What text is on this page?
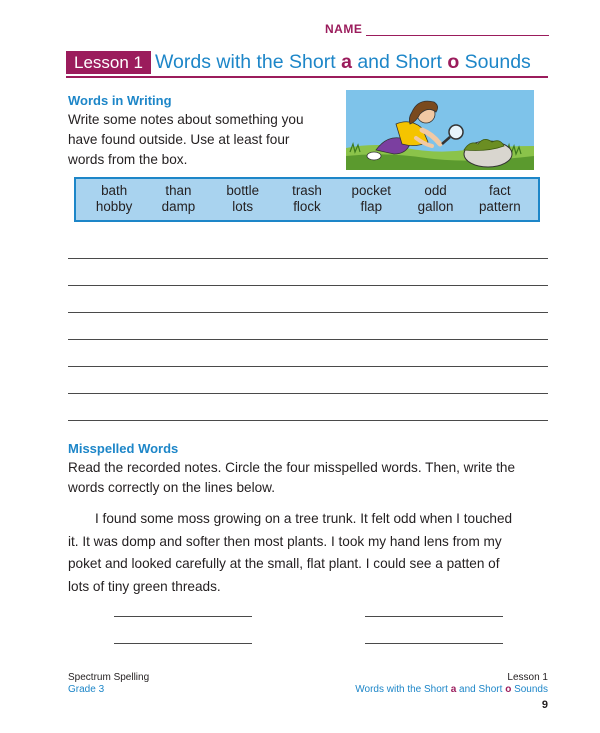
NAME
Lesson 1 Words with the Short a and Short o Sounds
Words in Writing
Write some notes about something you
have found outside. Use at least four
words from the box.
bath	than	bottle	trash	pocket	odd	fact
hobby	damp	lots	flock	flap	gallon	pattern
Misspelled Words
Read the recorded notes. Circle the four misspelled words. Then, write the
words correctly on the lines below.
I found some moss growing on a tree trunk. It felt odd when I touched
it. It was domp and softer then most plants. I took my hand lens from my
poket and looked carefully at the small, flat plant. I could see a patten of
lots of tiny green threads.
Spectrum Spelling
Grade 3
Lesson 1
Words with the Short a and Short o Sounds
9
